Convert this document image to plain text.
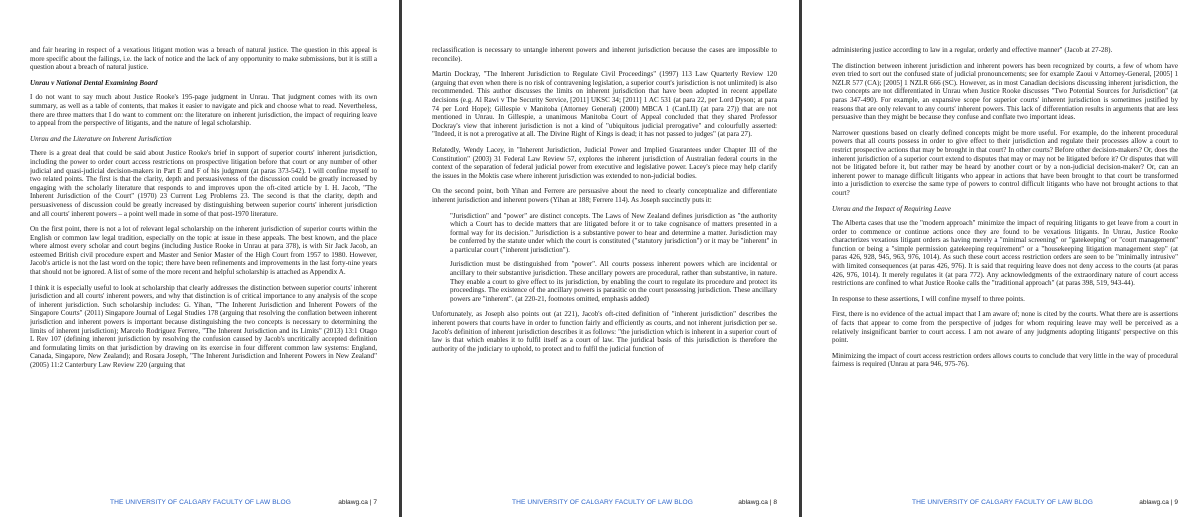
and fair hearing in respect of a vexatious litigant motion was a breach of natural justice. The question in this appeal is more specific about the failings, i.e. the lack of notice and the lack of any opportunity to make submissions, but it is still a question about a breach of natural justice.

Unrau v National Dental Examining Board

I do not want to say much about Justice Rooke's 195-page judgment in Unrau. That judgment comes with its own summary, as well as a table of contents, that makes it easier to navigate and pick and choose what to read. Nevertheless, there are three matters that I do want to comment on: the literature on inherent jurisdiction, the impact of requiring leave to appeal from the perspective of litigants, and the nature of legal scholarship.

Unrau and the Literature on Inherent Jurisdiction

There is a great deal that could be said about Justice Rooke's brief in support of superior courts' inherent jurisdiction, including the power to order court access restrictions on prospective litigation before that court or any number of other judicial and quasi-judicial decision-makers in Part E and F of his judgment (at paras 373-542). I will confine myself to two related points. The first is that the clarity, depth and persuasiveness of the discussion could be greatly increased by engaging with the scholarly literature that responds to and improves upon the oft-cited article by I. H. Jacob, "The Inherent Jurisdiction of the Court" (1970) 23 Current Leg Problems 23. The second is that the clarity, depth and persuasiveness of discussion could be greatly increased by distinguishing between superior courts' inherent jurisdiction and all courts' inherent powers – a point well made in some of that post-1970 literature.

On the first point, there is not a lot of relevant legal scholarship on the inherent jurisdiction of superior courts within the English or common law legal tradition, especially on the topic at issue in these appeals. The best known, and the place where almost every scholar and court begins (including Justice Rooke in Unrau at para 378), is with Sir Jack Jacob, an esteemed British civil procedure expert and Master and Senior Master of the High Court from 1957 to 1980. However, Jacob's article is not the last word on the topic; there have been refinements and improvements in the last forty-nine years that should not be ignored. A list of some of the more recent and helpful scholarship is attached as Appendix A.

I think it is especially useful to look at scholarship that clearly addresses the distinction between superior courts' inherent jurisdiction and all courts' inherent powers, and why that distinction is of critical importance to any analysis of the scope of inherent jurisdiction. Such scholarship includes: G. Yihan, "The Inherent Jurisdiction and Inherent Powers of the Singapore Courts" (2011) Singapore Journal of Legal Studies 178 (arguing that resolving the conflation between inherent jurisdiction and inherent powers is important because distinguishing the two concepts is necessary to determining the limits of inherent jurisdiction); Marcelo Rodriguez Ferrere, "The Inherent Jurisdiction and its Limits" (2013) 13:1 Otago L Rev 107 (defining inherent jurisdiction by resolving the confusion caused by Jacob's uncritically accepted definition and formulating limits on that jurisdiction by drawing on its exercise in four different common law systems: England, Canada, Singapore, New Zealand); and Rosara Joseph, "The Inherent Jurisdiction and Inherent Powers in New Zealand" (2005) 11:2 Canterbury Law Review 220 (arguing that

THE UNIVERSITY OF CALGARY FACULTY OF LAW BLOG	ablawg.ca | 7

reclassification is necessary to untangle inherent powers and inherent jurisdiction because the cases are impossible to reconcile).

Martin Dockray, "The Inherent Jurisdiction to Regulate Civil Proceedings" (1997) 113 Law Quarterly Review 120 (arguing that even when there is no risk of contravening legislation, a superior court's jurisdiction is not unlimited) is also recommended. This author discusses the limits on inherent jurisdiction that have been adopted in recent appellate decisions (e.g. Al Rawi v The Security Service, [2011] UKSC 34; [2011] 1 AC 531 (at para 22, per Lord Dyson; at para 74 per Lord Hope); Gillespie v Manitoba (Attorney General) (2000) MBCA 1 (CanLII) (at para 27)) that are not mentioned in Unrau. In Gillespie, a unanimous Manitoba Court of Appeal concluded that they shared Professor Dockray's view that inherent jurisdiction is not a kind of "ubiquitous judicial prerogative" and colourfully asserted: "Indeed, it is not a prerogative at all. The Divine Right of Kings is dead; it has not passed to judges" (at para 27).

Relatedly, Wendy Lacey, in "Inherent Jurisdiction, Judicial Power and Implied Guarantees under Chapter III of the Constitution" (2003) 31 Federal Law Review 57, explores the inherent jurisdiction of Australian federal courts in the context of the separation of federal judicial power from executive and legislative power. Lacey's piece may help clarify the issues in the Moktis case where inherent jurisdiction was extended to non-judicial bodies.

On the second point, both Yihan and Ferrere are persuasive about the need to clearly conceptualize and differentiate inherent jurisdiction and inherent powers (Yihan at 188; Ferrere 114). As Joseph succinctly puts it:

"Jurisdiction" and "power" are distinct concepts. The Laws of New Zealand defines jurisdiction as "the authority which a Court has to decide matters that are litigated before it or to take cognisance of matters presented in a formal way for its decision." Jurisdiction is a substantive power to hear and determine a matter. Jurisdiction may be conferred by the statute under which the court is constituted ("statutory jurisdiction") or it may be "inherent" in a particular court ("inherent jurisdiction").

Jurisdiction must be distinguished from "power". All courts possess inherent powers which are incidental or ancillary to their substantive jurisdiction. These ancillary powers are procedural, rather than substantive, in nature. They enable a court to give effect to its jurisdiction, by enabling the court to regulate its procedure and protect its proceedings. The existence of the ancillary powers is parasitic on the court possessing jurisdiction. These ancillary powers are "inherent". (at 220-21, footnotes omitted, emphasis added)

Unfortunately, as Joseph also points out (at 221), Jacob's oft-cited definition of "inherent jurisdiction" describes the inherent powers that courts have in order to function fairly and efficiently as courts, and not inherent jurisdiction per se. Jacob's definition of inherent jurisdiction describes it as follows: "the jurisdiction which is inherent in a superior court of law is that which enables it to fulfil itself as a court of law. The juridical basis of this jurisdiction is therefore the authority of the judiciary to uphold, to protect and to fulfil the judicial function of

THE UNIVERSITY OF CALGARY FACULTY OF LAW BLOG	ablawg.ca | 8

administering justice according to law in a regular, orderly and effective manner" (Jacob at 27-28).

The distinction between inherent jurisdiction and inherent powers has been recognized by courts, a few of whom have even tried to sort out the confused state of judicial pronouncements; see for example Zaoui v Attorney-General, [2005] 1 NZLR 577 (CA); [2005] 1 NZLR 666 (SC). However, as in most Canadian decisions discussing inherent jurisdiction, the two concepts are not differentiated in Unrau when Justice Rooke discusses "Two Potential Sources for Jurisdiction" (at paras 347-490). For example, an expansive scope for superior courts' inherent jurisdiction is sometimes justified by reasons that are only relevant to any courts' inherent powers. This lack of differentiation results in arguments that are less persuasive than they might be because they confuse and conflate two important ideas.

Narrower questions based on clearly defined concepts might be more useful. For example, do the inherent procedural powers that all courts possess in order to give effect to their jurisdiction and regulate their processes allow a court to restrict prospective actions that may be brought in that court? In other courts? Before other decision-makers? Or, does the inherent jurisdiction of a superior court extend to disputes that may or may not be litigated before it? Or disputes that will not be litigated before it, but rather may be heard by another court or by a non-judicial decision-maker? Or, can an inherent power to manage difficult litigants who appear in actions that have been brought to that court be transformed into a jurisdiction to exercise the same type of powers to control difficult litigants who have not brought actions to that court?

Unrau and the Impact of Requiring Leave

The Alberta cases that use the "modern approach" minimize the impact of requiring litigants to get leave from a court in order to commence or continue actions once they are found to be vexatious litigants. In Unrau, Justice Rooke characterizes vexatious litigant orders as having merely a "minimal screening" or "gatekeeping" or "court management" function or being a "simple permission gatekeeping requirement" or a "housekeeping litigation management step" (at paras 426, 928, 945, 963, 976, 1014). As such these court access restriction orders are seen to be "minimally intrusive" with limited consequences (at paras 426, 976). It is said that requiring leave does not deny access to the courts (at paras 426, 976, 1014). It merely regulates it (at para 772). Any acknowledgments of the extraordinary nature of court access restrictions are confined to what Justice Rooke calls the "traditional approach" (at paras 398, 519, 943-44).

In response to these assertions, I will confine myself to three points.

First, there is no evidence of the actual impact that I am aware of; none is cited by the courts. What there are is assertions of facts that appear to come from the perspective of judges for whom requiring leave may well be perceived as a relatively insignificant barrier to court access. I am not aware of any judgments adopting litigants' perspective on this point.

Minimizing the impact of court access restriction orders allows courts to conclude that very little in the way of procedural fairness is required (Unrau at para 946, 975-76).

THE UNIVERSITY OF CALGARY FACULTY OF LAW BLOG	ablawg.ca | 9
